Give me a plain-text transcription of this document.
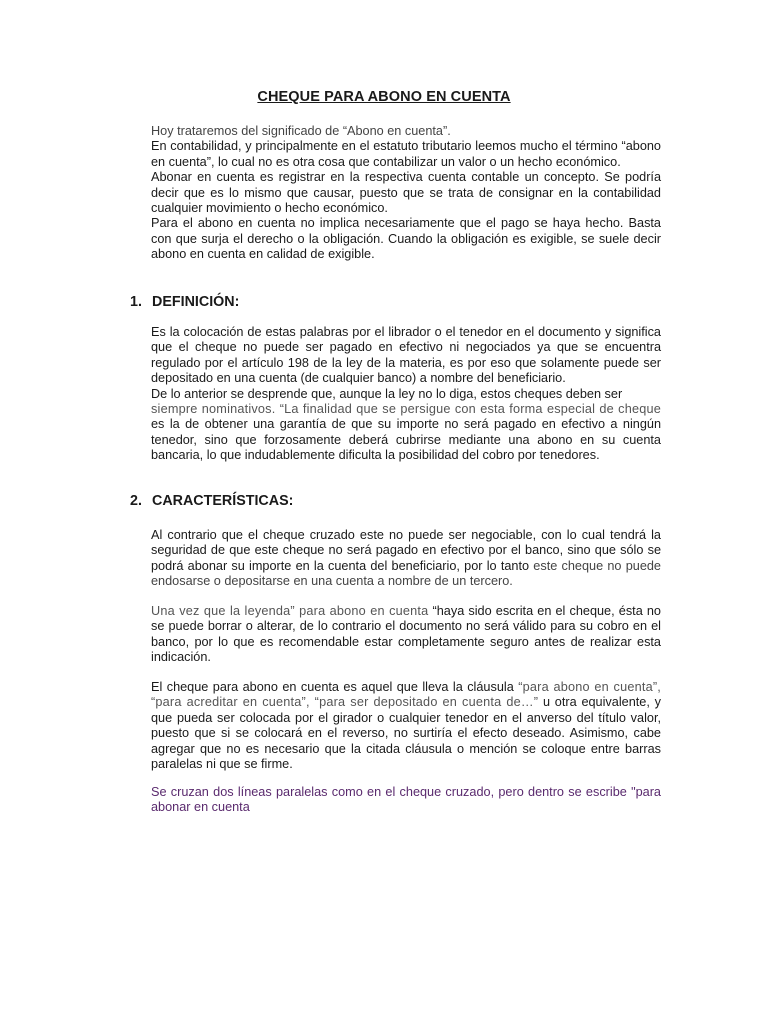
CHEQUE PARA ABONO EN CUENTA

Hoy trataremos del significado de “Abono en cuenta”.

En contabilidad, y principalmente en el estatuto tributario leemos mucho el término “abono en cuenta”, lo cual no es otra cosa que contabilizar un valor o un hecho económico.

Abonar en cuenta es registrar en la respectiva cuenta contable un concepto. Se podría decir que es lo mismo que causar, puesto que se trata de consignar en la contabilidad cualquier movimiento o hecho económico.

Para el abono en cuenta no implica necesariamente que el pago se haya hecho. Basta con que surja el derecho o la obligación. Cuando la obligación es exigible, se suele decir abono en cuenta en calidad de exigible.

1. DEFINICIÓN:

Es la colocación de estas palabras por el librador o el tenedor en el documento y significa que el cheque no puede ser pagado en efectivo ni negociados ya que se encuentra regulado por el artículo 198 de la ley de la materia, es por eso que solamente puede ser depositado en una cuenta (de cualquier banco) a nombre del beneficiario.

De lo anterior se desprende que, aunque la ley no lo diga, estos cheques deben ser

siempre nominativos. “La finalidad que se persigue con esta forma especial de cheque

es la de obtener una garantía de que su importe no será pagado en efectivo a ningún tenedor, sino que forzosamente deberá cubrirse mediante una abono en su cuenta bancaria, lo que indudablemente dificulta la posibilidad del cobro por tenedores.

2. CARACTERÍSTICAS:

Al contrario que el cheque cruzado este no puede ser negociable, con lo cual tendrá la seguridad de que este cheque no será pagado en efectivo por el banco, sino que sólo se podrá abonar su importe en la cuenta del beneficiario, por lo tanto este cheque no puede endosarse o depositarse en una cuenta a nombre de un tercero.

Una vez que la leyenda” para abono en cuenta “haya sido escrita en el cheque, ésta no se puede borrar o alterar, de lo contrario el documento no será válido para su cobro en el banco, por lo que es recomendable estar completamente seguro antes de realizar esta indicación.

El cheque para abono en cuenta es aquel que lleva la cláusula “para abono en cuenta”, “para acreditar en cuenta”, “para ser depositado en cuenta de…” u otra equivalente, y que pueda ser colocada por el girador o cualquier tenedor en el anverso del título valor, puesto que si se colocará en el reverso, no surtiría el efecto deseado. Asimismo, cabe agregar que no es necesario que la citada cláusula o mención se coloque entre barras paralelas ni que se firme.

Se cruzan dos líneas paralelas como en el cheque cruzado, pero dentro se escribe "para abonar en cuenta
